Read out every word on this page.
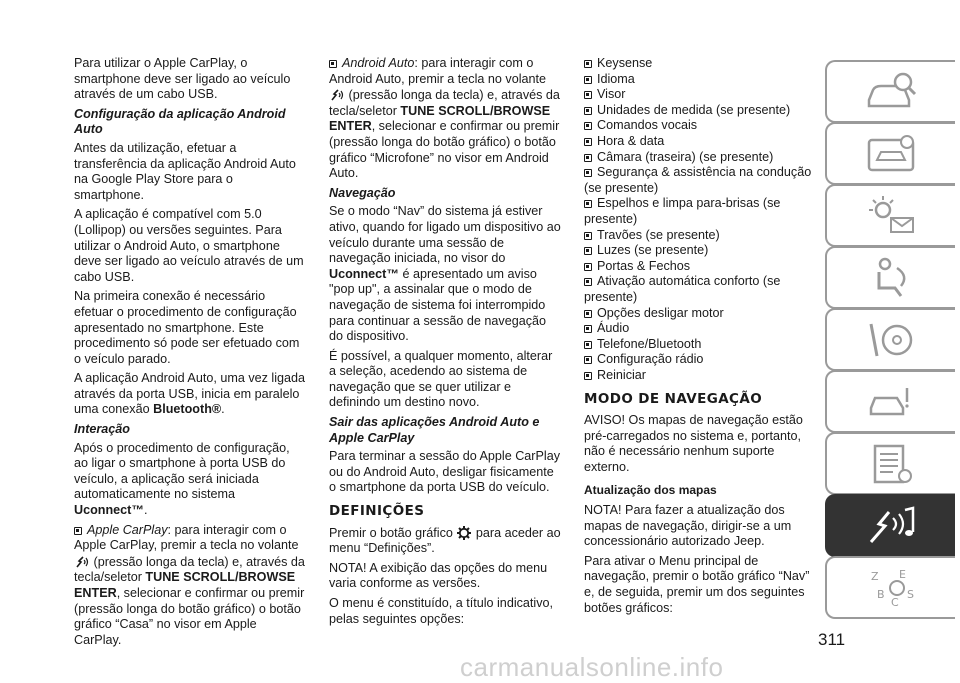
Para utilizar o Apple CarPlay, o smartphone deve ser ligado ao veículo através de um cabo USB.

Configuração da aplicação Android Auto

Antes da utilização, efetuar a transferência da aplicação Android Auto na Google Play Store para o smartphone.

A aplicação é compatível com 5.0 (Lollipop) ou versões seguintes. Para utilizar o Android Auto, o smartphone deve ser ligado ao veículo através de um cabo USB.

Na primeira conexão é necessário efetuar o procedimento de configuração apresentado no smartphone. Este procedimento só pode ser efetuado com o veículo parado.

A aplicação Android Auto, uma vez ligada através da porta USB, inicia em paralelo uma conexão Bluetooth®.

Interação

Após o procedimento de configuração, ao ligar o smartphone à porta USB do veículo, a aplicação será iniciada automaticamente no sistema Uconnect™.

Apple CarPlay: para interagir com o Apple CarPlay, premir a tecla no volante
(pressão longa da tecla) e, através da tecla/seletor TUNE SCROLL/BROWSE ENTER, selecionar e confirmar ou premir (pressão longa do botão gráfico) o botão gráfico “Casa” no visor em Apple CarPlay.

Android Auto: para interagir com o Android Auto, premir a tecla no volante
(pressão longa da tecla) e, através da tecla/seletor TUNE SCROLL/BROWSE ENTER, selecionar e confirmar ou premir (pressão longa do botão gráfico) o botão gráfico “Microfone” no visor em Android Auto.

Navegação

Se o modo “Nav” do sistema já estiver ativo, quando for ligado um dispositivo ao veículo durante uma sessão de navegação iniciada, no visor do Uconnect™ é apresentado um aviso "pop up", a assinalar que o modo de navegação de sistema foi interrompido para continuar a sessão de navegação do dispositivo.

É possível, a qualquer momento, alterar a seleção, acedendo ao sistema de navegação que se quer utilizar e definindo um destino novo.

Sair das aplicações Android Auto e Apple CarPlay

Para terminar a sessão do Apple CarPlay ou do Android Auto, desligar fisicamente o smartphone da porta USB do veículo.

DEFINIÇÕES

Premir o botão gráfico  para aceder ao menu “Definições”.

NOTA! A exibição das opções do menu varia conforme as versões.

O menu é constituído, a título indicativo, pelas seguintes opções:

Keysense
Idioma
Visor
Unidades de medida (se presente)
Comandos vocais
Hora & data
Câmara (traseira) (se presente)
Segurança & assistência na condução (se presente)
Espelhos e limpa para-brisas (se presente)
Travões (se presente)
Luzes (se presente)
Portas & Fechos
Ativação automática conforto (se presente)
Opções desligar motor
Áudio
Telefone/Bluetooth
Configuração rádio
Reiniciar
MODO DE NAVEGAÇÃO

AVISO! Os mapas de navegação estão pré-carregados no sistema e, portanto, não é necessário nenhum suporte externo.

Atualização dos mapas

NOTA! Para fazer a atualização dos mapas de navegação, dirigir-se a um concessionário autorizado Jeep.

Para ativar o Menu principal de navegação, premir o botão gráfico “Nav” e, de seguida, premir um dos seguintes botões gráficos:

Z E
B
C
S
311
carmanualsonline.info
